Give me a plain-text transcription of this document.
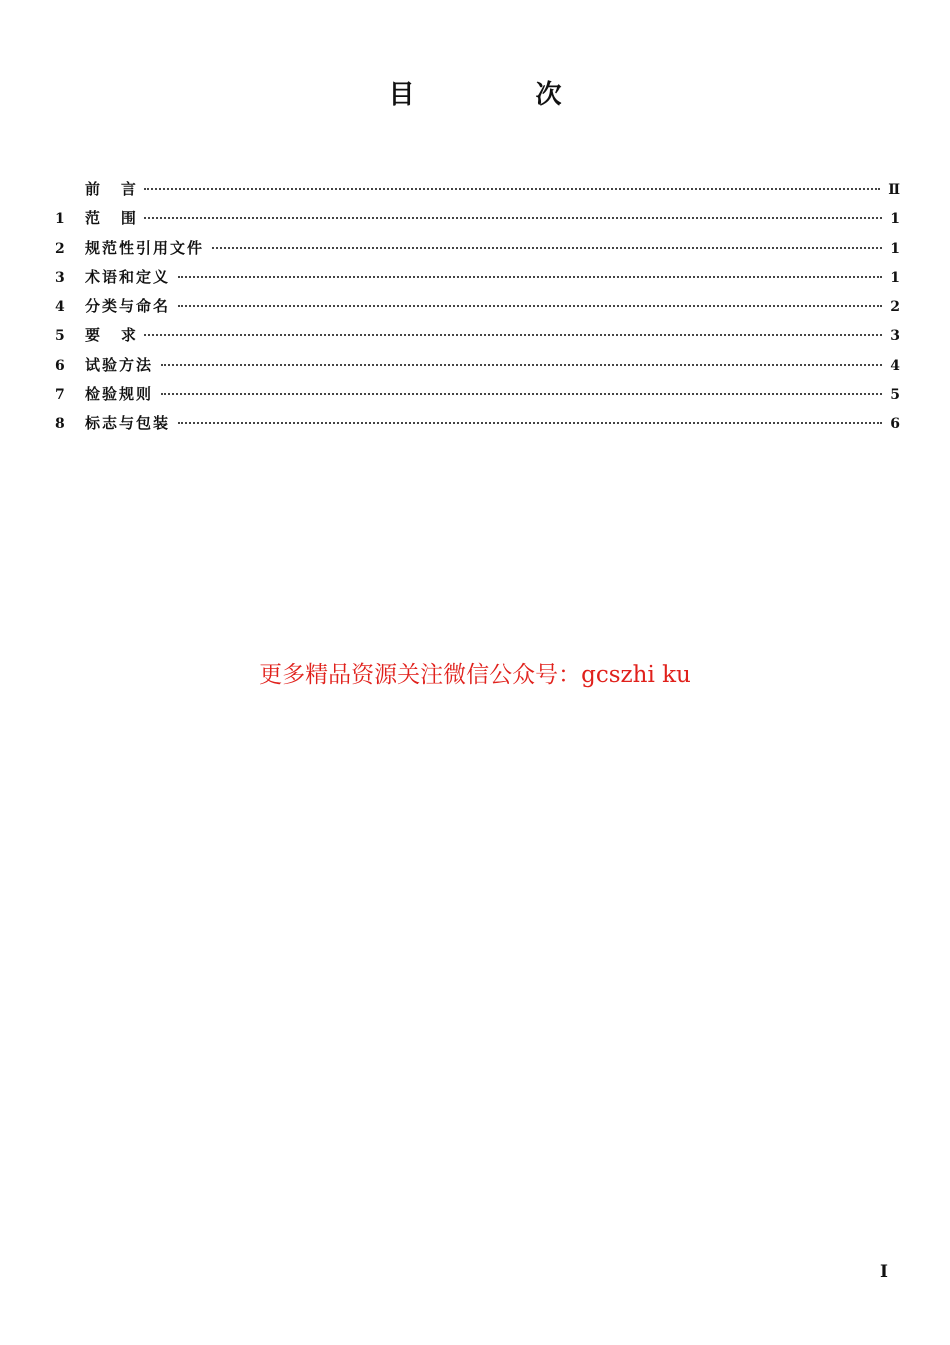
目 次
前    言	Ⅱ
1	范    围	1
2	规范性引用文件	1
3	术语和定义	1
4	分类与命名	2
5	要    求	3
6	试验方法	4
7	检验规则	5
8	标志与包装	6
更多精品资源关注微信公众号：gcszhi ku
I
